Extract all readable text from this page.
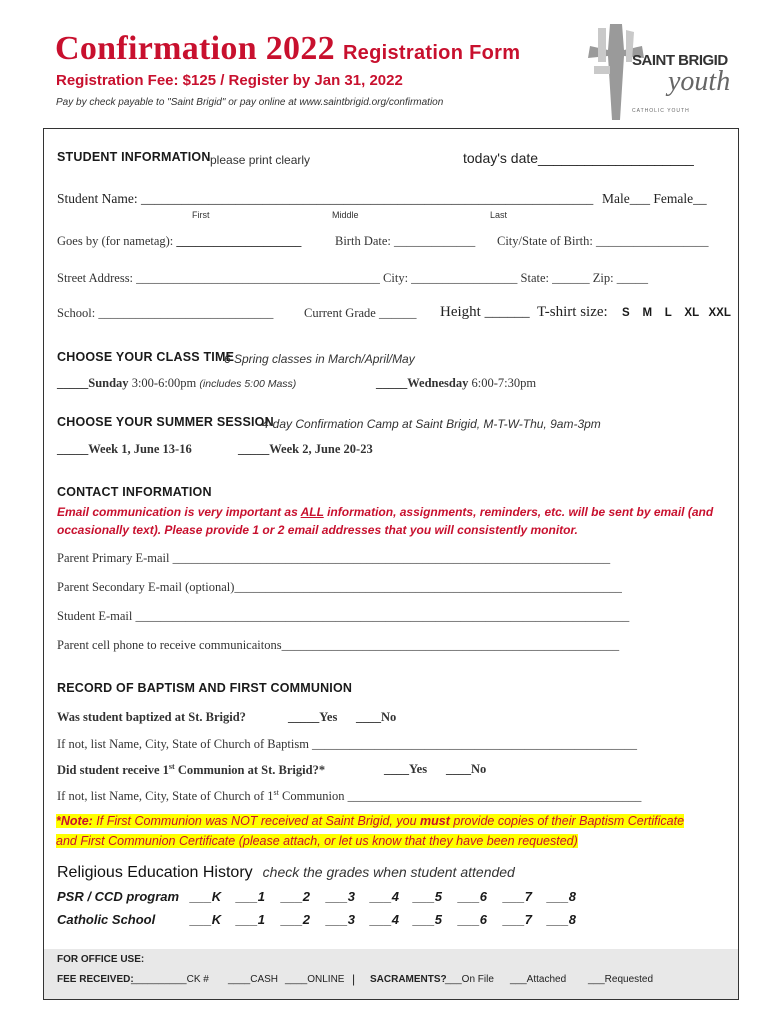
Confirmation 2022 Registration Form
Registration Fee: $125 / Register by Jan 31, 2022
Pay by check payable to "Saint Brigid" or pay online at www.saintbrigid.org/confirmation
SAINT BRIGID
youth
CATHOLIC YOUTH
STUDENT INFORMATION please print clearly	today's date____________________
Student Name: ___________________________________________________________________ Male___ Female__
First	Middle	Last
Goes by (for nametag): ____________________	Birth Date: _____________ City/State of Birth: __________________
Street Address: _______________________________________ City: _________________ State: ______ Zip: _____
School: ____________________________ Current Grade ______ Height ______ T-shirt size: S    M    L    XL   XXL
CHOOSE YOUR CLASS TIME
6 Spring classes in March/April/May
_____Sunday 3:00-6:00pm (includes 5:00 Mass)	_____Wednesday 6:00-7:30pm
CHOOSE YOUR SUMMER SESSION
4-day Confirmation Camp at Saint Brigid, M-T-W-Thu, 9am-3pm
_____Week 1, June 13-16	_____Week 2, June 20-23
CONTACT INFORMATION
Email communication is very important as ALL information, assignments, reminders, etc. will be sent by email (and occasionally text). Please provide 1 or 2 email addresses that you will consistently monitor.
Parent Primary E-mail ______________________________________________________________________
Parent Secondary E-mail (optional)______________________________________________________________
Student E-mail _______________________________________________________________________________
Parent cell phone to receive communicaitons______________________________________________________
RECORD OF BAPTISM AND FIRST COMMUNION
Was student baptized at St. Brigid?	_____Yes ____No
If not, list Name, City, State of Church of Baptism ____________________________________________________
Did student receive 1st Communion at St. Brigid?*	____Yes ____No
If not, list Name, City, State of Church of 1st Communion _______________________________________________
*Note: If First Communion was NOT received at Saint Brigid, you must provide copies of their Baptism Certificate
and First Communion Certificate (please attach, or let us know that they have been requested)
Religious Education History check the grades when student attended
PSR / CCD program ___K ___1 ___2 ___3 ___4 ___5 ___6 ___7 ___8
Catholic School	___K ___1 ___2 ___3 ___4 ___5 ___6 ___7 ___8
FOR OFFICE USE:
FEE RECEIVED:
__________CK # ____CASH ____ONLINE | SACRAMENTS?
___On File ___Attached ___Requested
